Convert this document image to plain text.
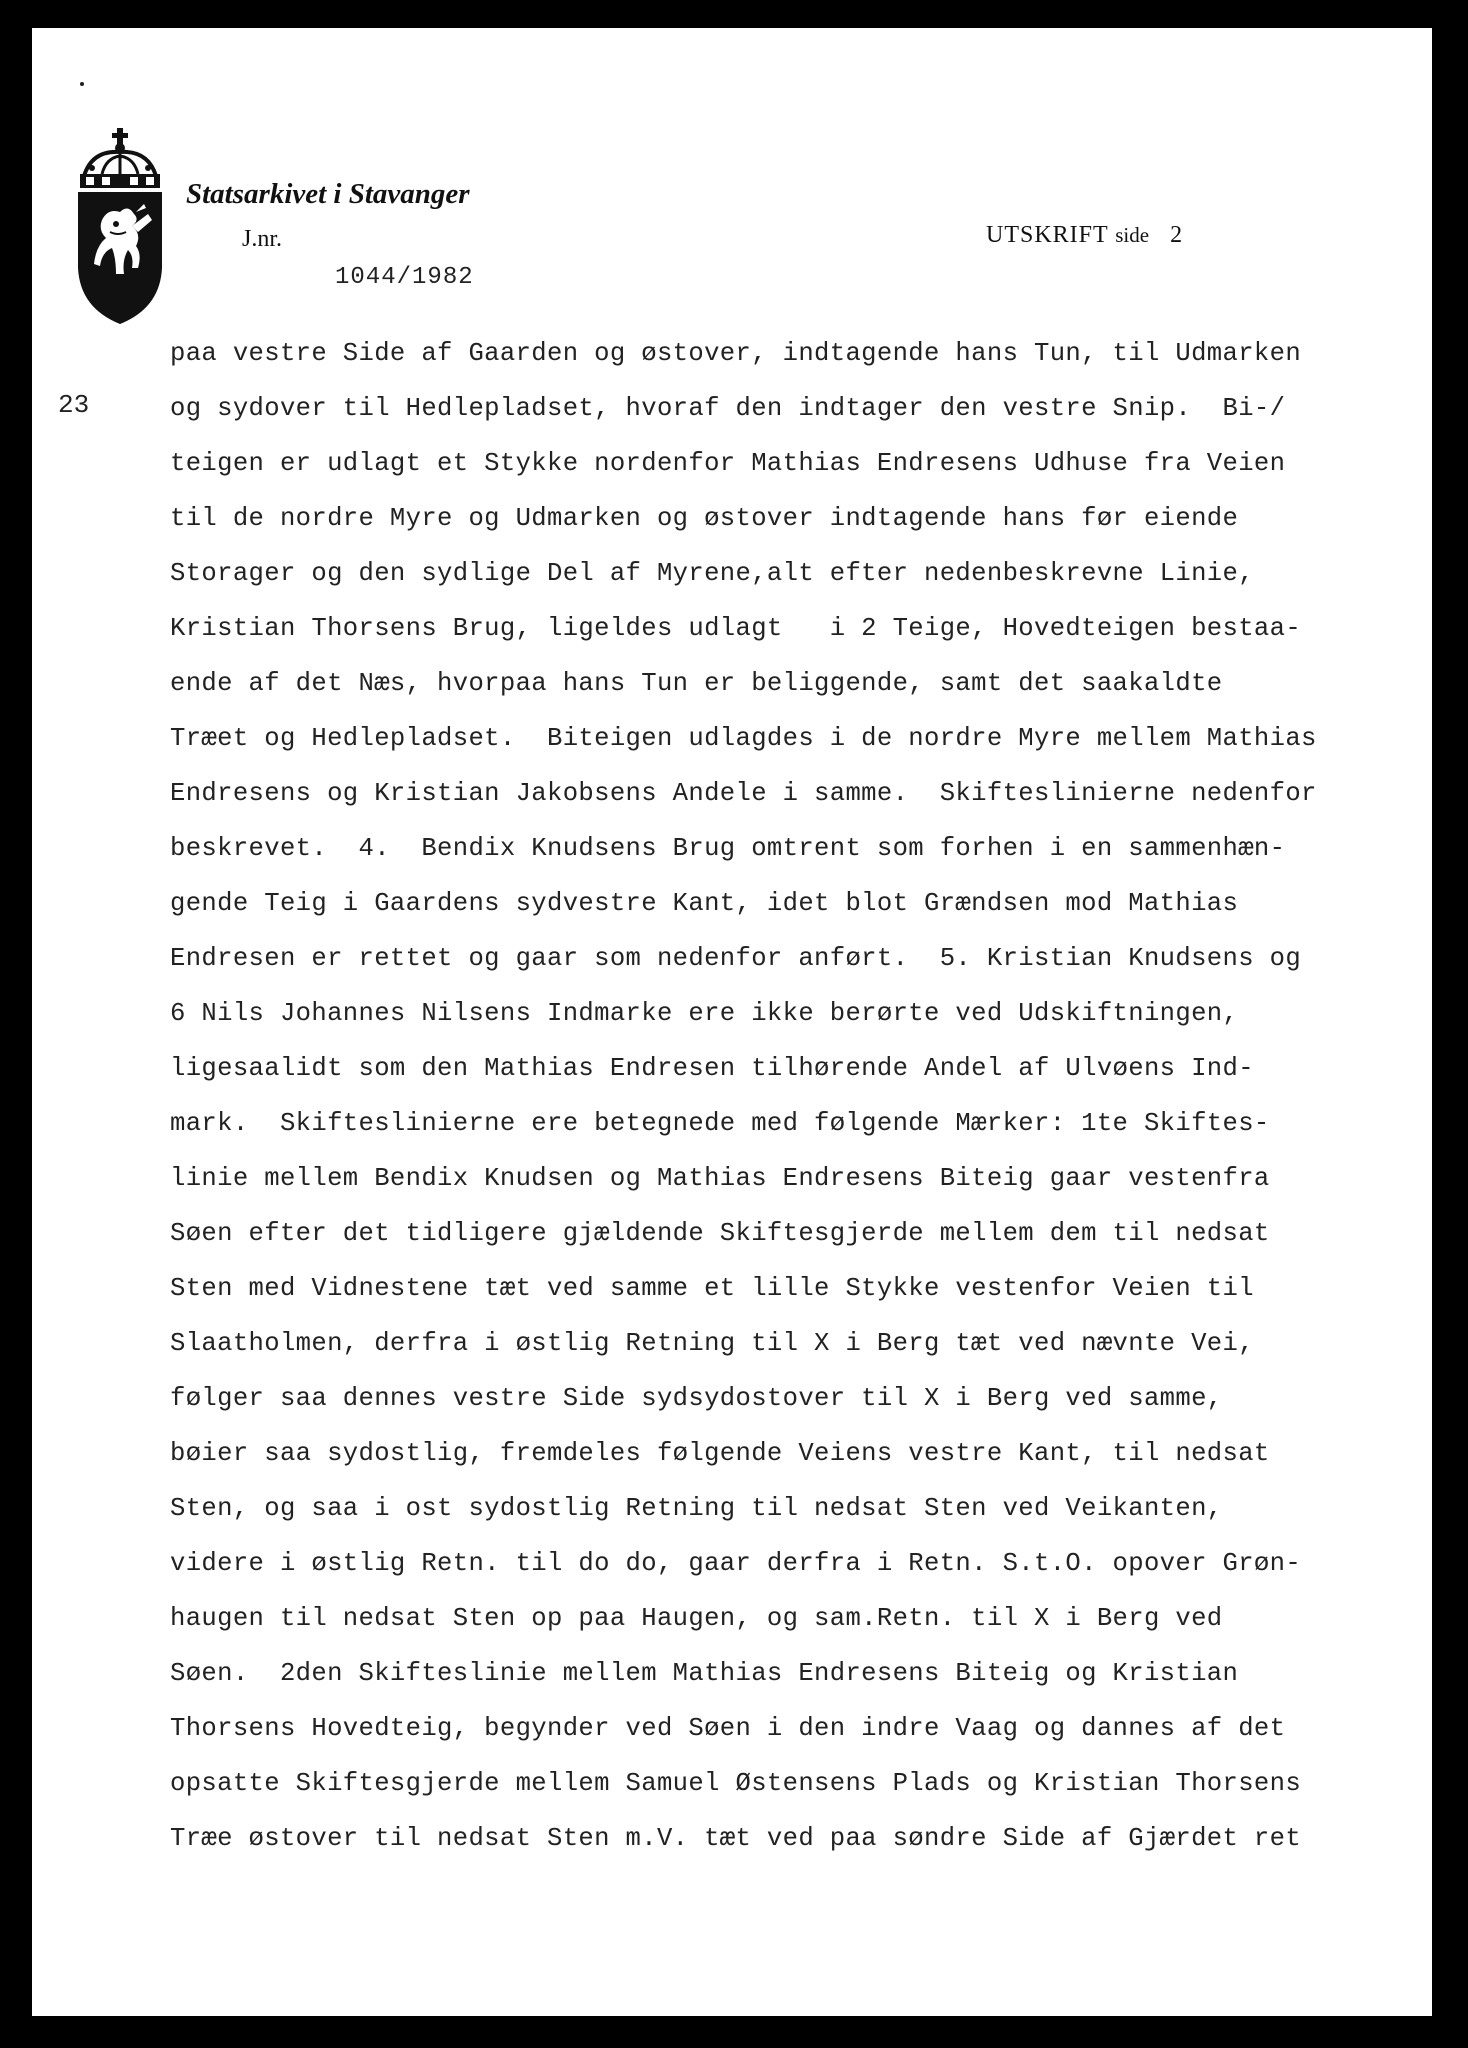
Statsarkivet i Stavanger
J.nr.
1044/1982
UTSKRIFT side 2
23
paa vestre Side af Gaarden og østover, indtagende hans Tun, til Udmarken
og sydover til Hedlepladset, hvoraf den indtager den vestre Snip.  Bi-/
teigen er udlagt et Stykke nordenfor Mathias Endresens Udhuse fra Veien
til de nordre Myre og Udmarken og østover indtagende hans før eiende
Storager og den sydlige Del af Myrene,alt efter nedenbeskrevne Linie,
Kristian Thorsens Brug, ligeldes udlagt   i 2 Teige, Hovedteigen bestaa-
ende af det Næs, hvorpaa hans Tun er beliggende, samt det saakaldte
Træet og Hedlepladset.  Biteigen udlagdes i de nordre Myre mellem Mathias
Endresens og Kristian Jakobsens Andele i samme.  Skifteslinierne nedenfor
beskrevet.  4.  Bendix Knudsens Brug omtrent som forhen i en sammenhæn-
gende Teig i Gaardens sydvestre Kant, idet blot Grændsen mod Mathias
Endresen er rettet og gaar som nedenfor anført.  5. Kristian Knudsens og
6 Nils Johannes Nilsens Indmarke ere ikke berørte ved Udskiftningen,
ligesaalidt som den Mathias Endresen tilhørende Andel af Ulvøens Ind-
mark.  Skifteslinierne ere betegnede med følgende Mærker: 1te Skiftes-
linie mellem Bendix Knudsen og Mathias Endresens Biteig gaar vestenfra
Søen efter det tidligere gjældende Skiftesgjerde mellem dem til nedsat
Sten med Vidnestene tæt ved samme et lille Stykke vestenfor Veien til
Slaatholmen, derfra i østlig Retning til X i Berg tæt ved nævnte Vei,
følger saa dennes vestre Side sydsydostover til X i Berg ved samme,
bøier saa sydostlig, fremdeles følgende Veiens vestre Kant, til nedsat
Sten, og saa i ost sydostlig Retning til nedsat Sten ved Veikanten,
videre i østlig Retn. til do do, gaar derfra i Retn. S.t.O. opover Grøn-
haugen til nedsat Sten op paa Haugen, og sam.Retn. til X i Berg ved
Søen.  2den Skifteslinie mellem Mathias Endresens Biteig og Kristian
Thorsens Hovedteig, begynder ved Søen i den indre Vaag og dannes af det
opsatte Skiftesgjerde mellem Samuel Østensens Plads og Kristian Thorsens
Træe østover til nedsat Sten m.V. tæt ved paa søndre Side af Gjærdet ret
